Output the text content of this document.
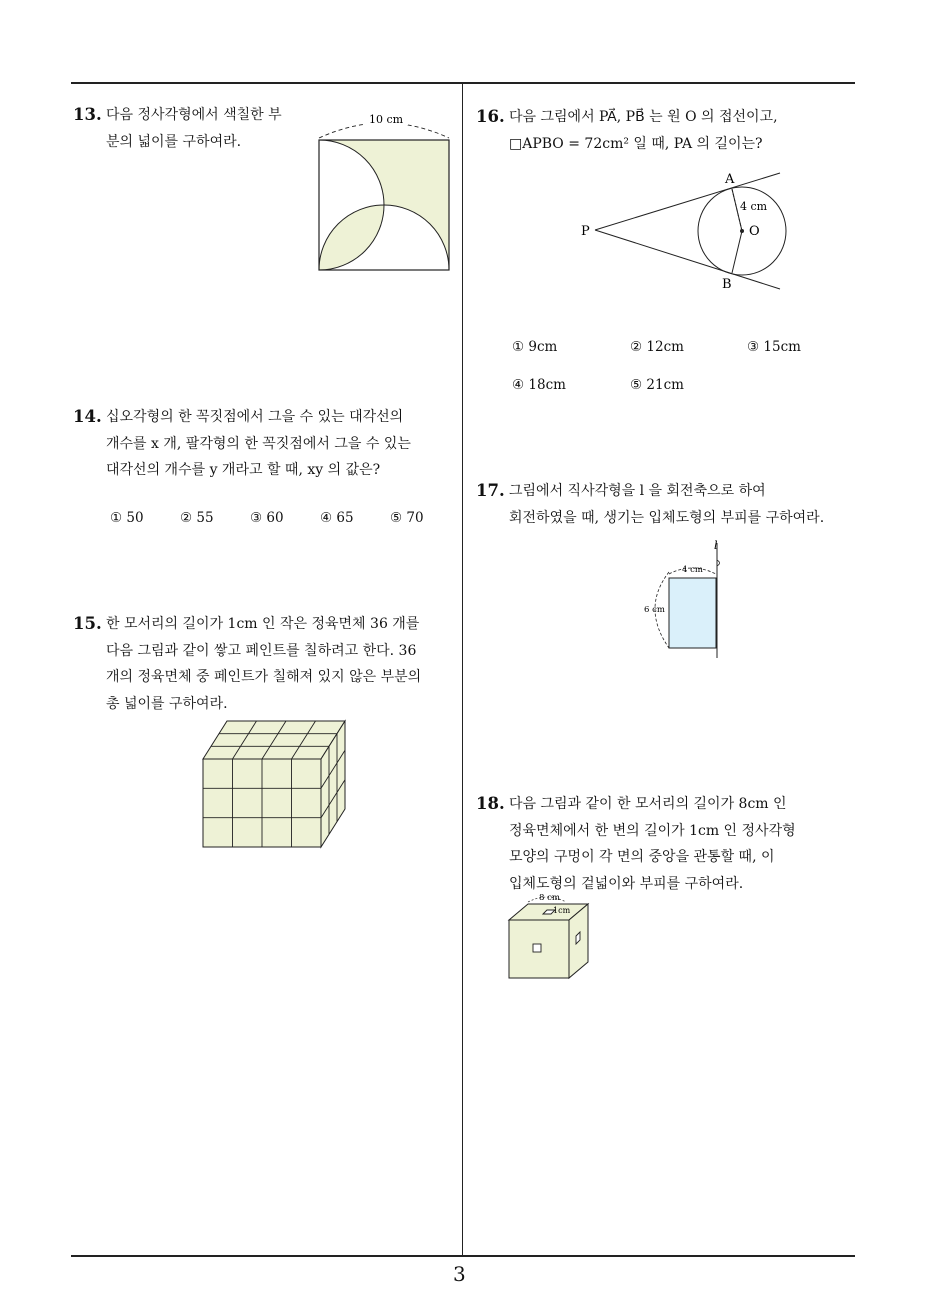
13. 다음 정사각형에서 색칠한 부
분의 넓이를 구하여라.
10 cm
14. 십오각형의 한 꼭짓점에서 그을 수 있는 대각선의
개수를 x 개, 팔각형의 한 꼭짓점에서 그을 수 있는
대각선의 개수를 y 개라고 할 때, xy 의 값은?
① 50	② 55	③ 60	④ 65	⑤ 70
15. 한 모서리의 길이가 1cm 인 작은 정육면체 36 개를
다음 그림과 같이 쌓고 페인트를 칠하려고 한다. 36
개의 정육면체 중 페인트가 칠해져 있지 않은 부분의
총 넓이를 구하여라.
16. 다음 그림에서 PA⃗, PB⃗ 는 원 O 의 접선이고,
□APBO = 72cm² 일 때, PA 의 길이는?
A
B
P	O
4 cm
① 9cm	② 12cm	③ 15cm
④ 18cm	⑤ 21cm
17. 그림에서 직사각형을 l 을 회전축으로 하여
회전하였을 때, 생기는 입체도형의 부피를 구하여라.
l
4 cm
6 cm
18. 다음 그림과 같이 한 모서리의 길이가 8cm 인
정육면체에서 한 변의 길이가 1cm 인 정사각형
모양의 구멍이 각 면의 중앙을 관통할 때, 이
입체도형의 겉넓이와 부피를 구하여라.
8 cm
1cm
3
